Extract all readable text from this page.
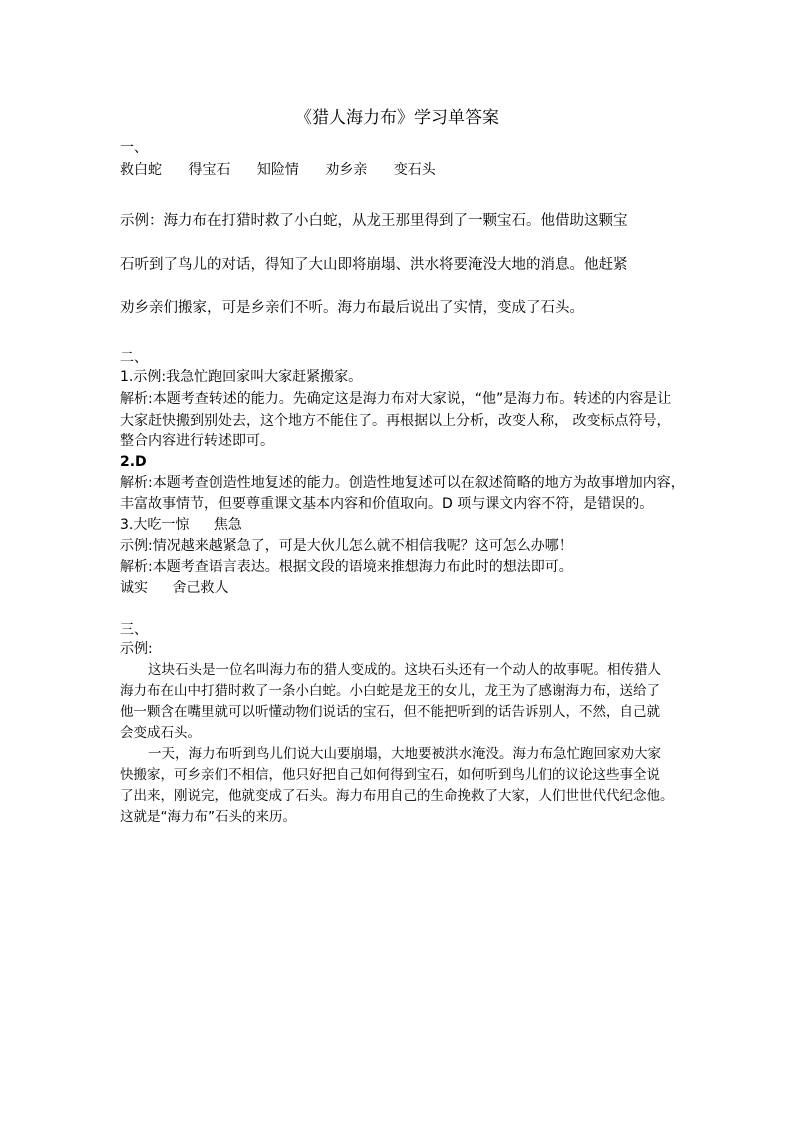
《猎人海力布》学习单答案
一、
救白蛇 得宝石 知险情 劝乡亲 变石头
示例：海力布在打猎时救了小白蛇，从龙王那里得到了一颗宝石。他借助这颗宝
石听到了鸟儿的对话，得知了大山即将崩塌、洪水将要淹没大地的消息。他赶紧
劝乡亲们搬家，可是乡亲们不听。海力布最后说出了实情，变成了石头。
二、
1.示例:我急忙跑回家叫大家赶紧搬家。
解析:本题考查转述的能力。先确定这是海力布对大家说，“他”是海力布。转述的内容是让
大家赶快搬到别处去，这个地方不能住了。再根据以上分析，改变人称， 改变标点符号，
整合内容进行转述即可。
2.D
解析:本题考查创造性地复述的能力。创造性地复述可以在叙述简略的地方为故事增加内容，
丰富故事情节，但要尊重课文基本内容和价值取向。D 项与课文内容不符，是错误的。
3.大吃一惊 焦急
示例:情况越来越紧急了，可是大伙儿怎么就不相信我呢？这可怎么办哪！
解析:本题考查语言表达。根据文段的语境来推想海力布此时的想法即可。
诚实 舍己救人
三、
示例:
这块石头是一位名叫海力布的猎人变成的。这块石头还有一个动人的故事呢。相传猎人
海力布在山中打猎时救了一条小白蛇。小白蛇是龙王的女儿，龙王为了感谢海力布，送给了
他一颗含在嘴里就可以听懂动物们说话的宝石，但不能把听到的话告诉别人，不然，自己就
会变成石头。
一天，海力布听到鸟儿们说大山要崩塌，大地要被洪水淹没。海力布急忙跑回家劝大家
快搬家，可乡亲们不相信，他只好把自己如何得到宝石，如何听到鸟儿们的议论这些事全说
了出来，刚说完，他就变成了石头。海力布用自己的生命挽救了大家，人们世世代代纪念他。
这就是“海力布”石头的来历。
